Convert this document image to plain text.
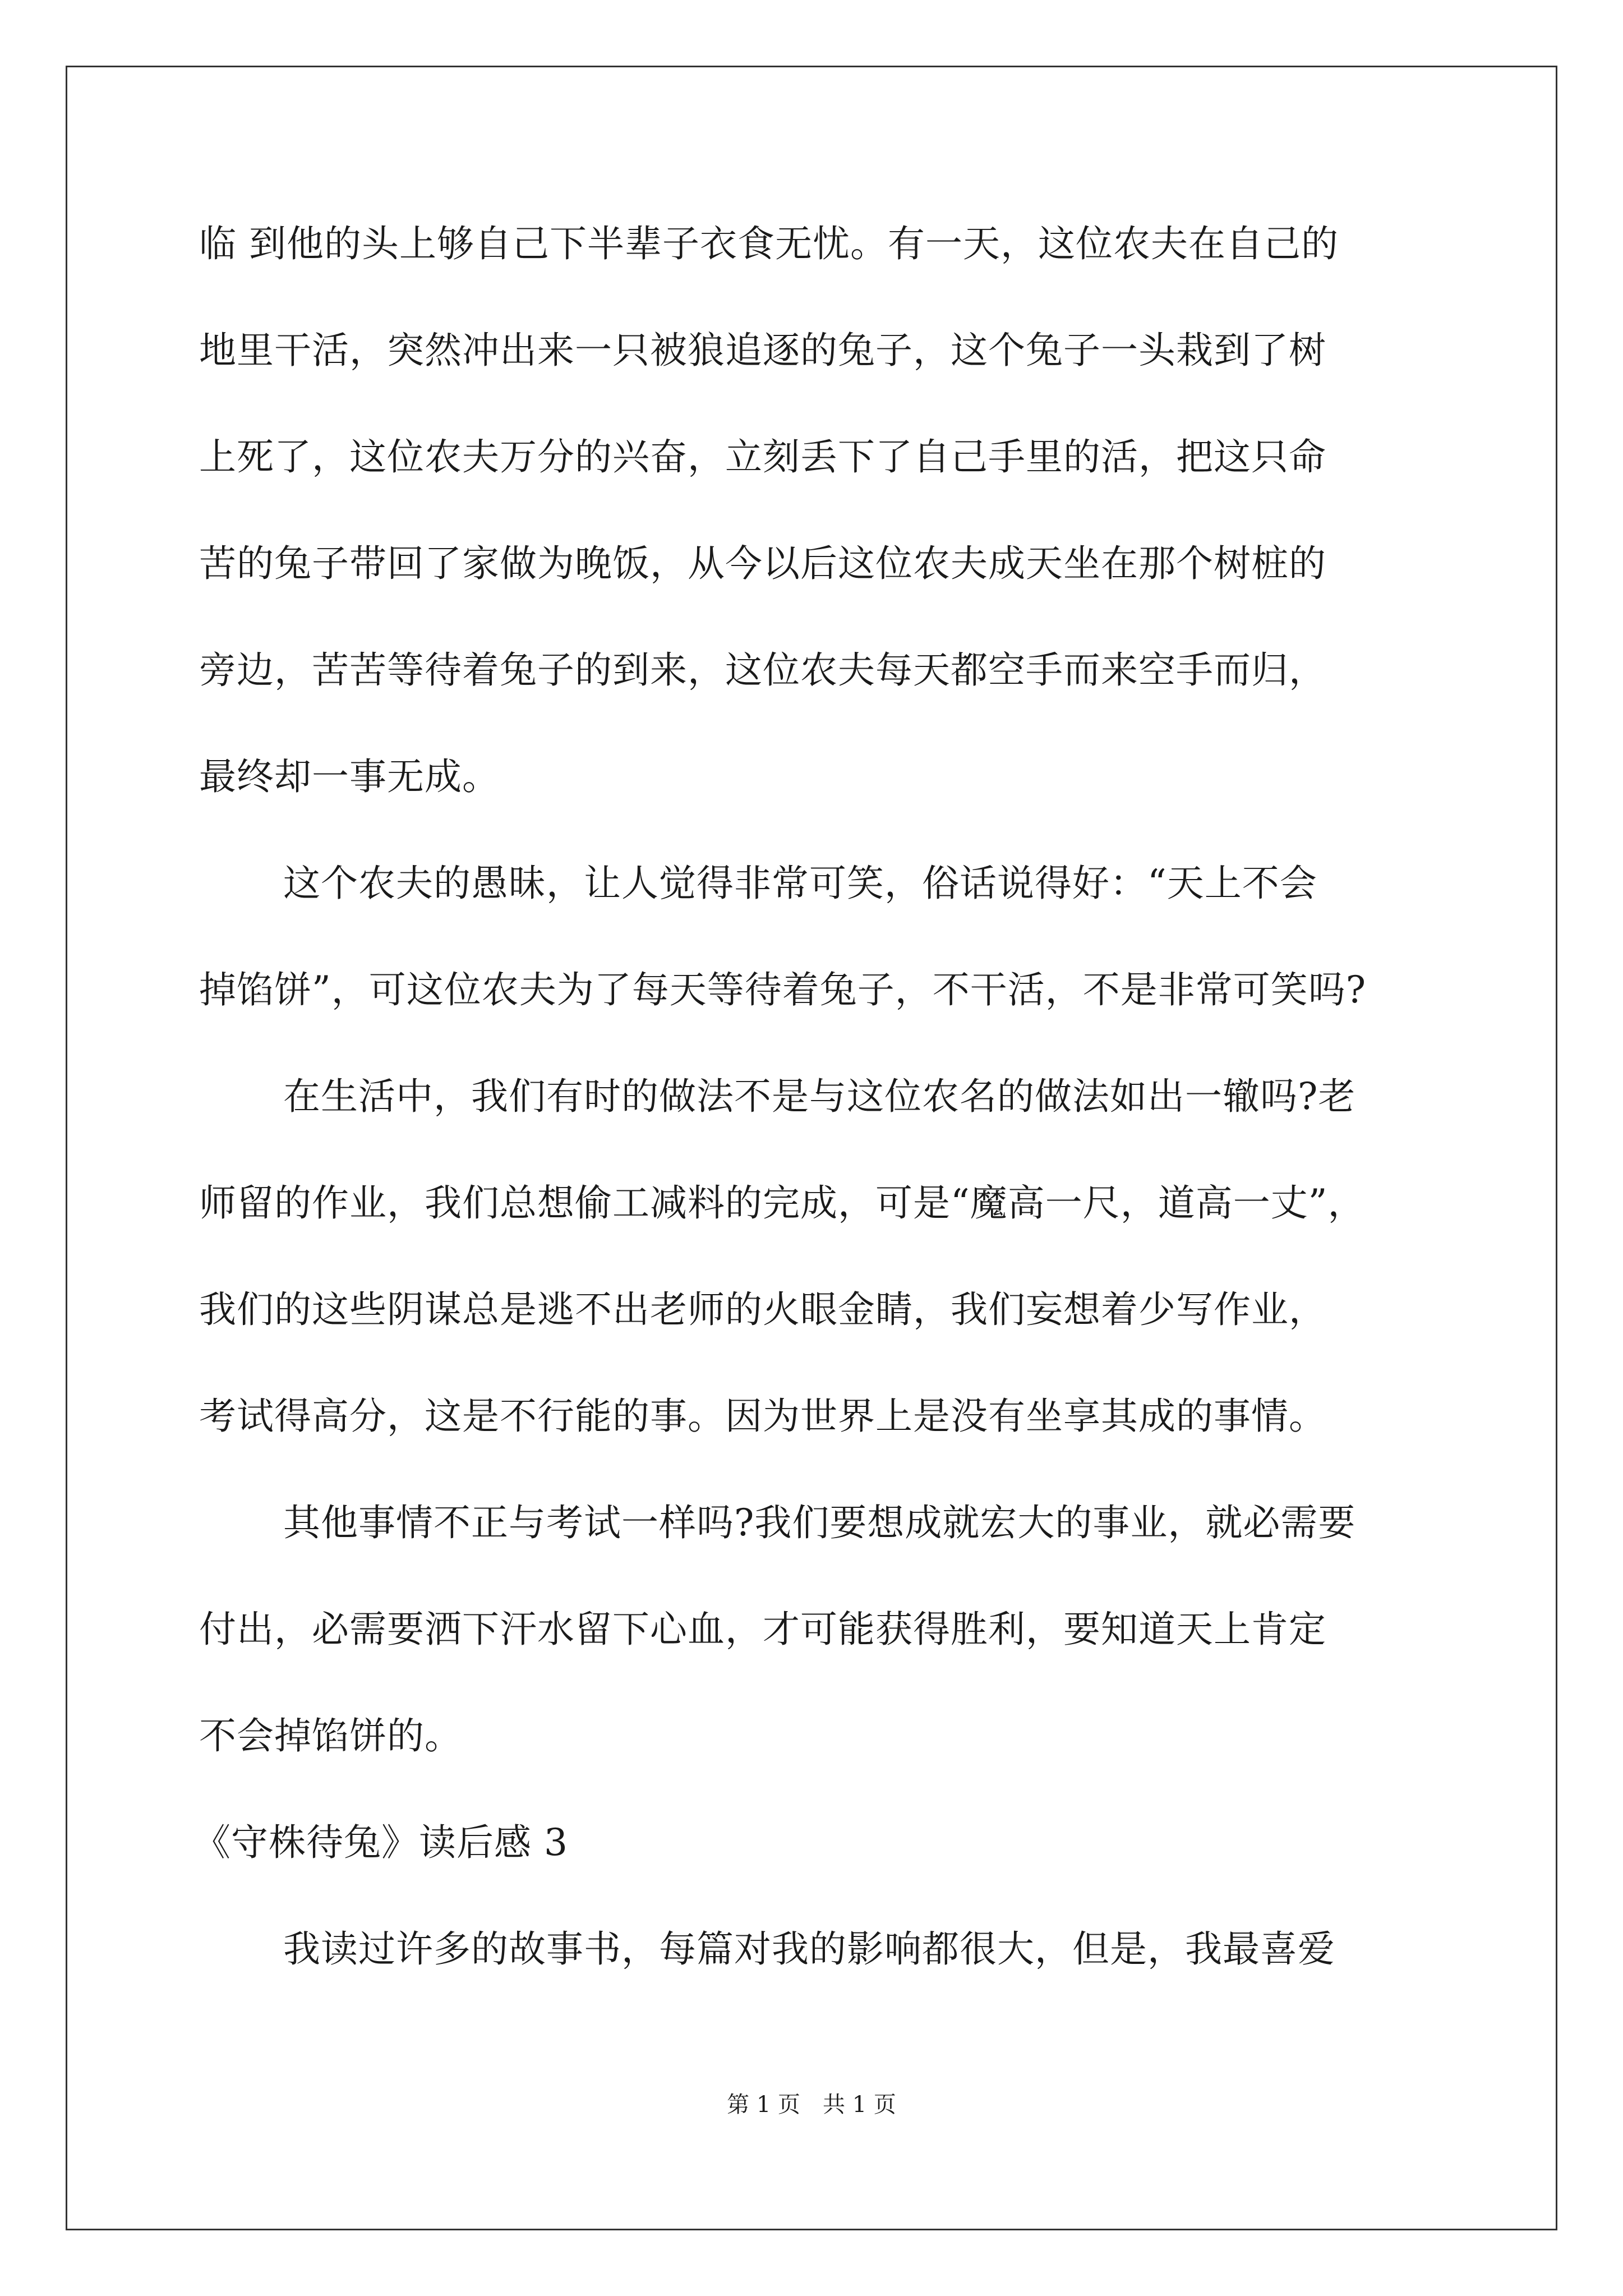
临 到他的头上够自己下半辈子衣食无忧。有一天，这位农夫在自己的
地里干活，突然冲出来一只被狼追逐的兔子，这个兔子一头栽到了树
上死了，这位农夫万分的兴奋，立刻丢下了自己手里的活，把这只命
苦的兔子带回了家做为晚饭，从今以后这位农夫成天坐在那个树桩的
旁边，苦苦等待着兔子的到来，这位农夫每天都空手而来空手而归，
最终却一事无成。
这个农夫的愚昧，让人觉得非常可笑，俗话说得好：“天上不会
掉馅饼”，可这位农夫为了每天等待着兔子，不干活，不是非常可笑吗?
在生活中，我们有时的做法不是与这位农名的做法如出一辙吗?老
师留的作业，我们总想偷工减料的完成，可是“魔高一尺，道高一丈”，
我们的这些阴谋总是逃不出老师的火眼金睛，我们妄想着少写作业，
考试得高分，这是不行能的事。因为世界上是没有坐享其成的事情。
其他事情不正与考试一样吗?我们要想成就宏大的事业，就必需要
付出，必需要洒下汗水留下心血，才可能获得胜利，要知道天上肯定
不会掉馅饼的。
《守株待兔》读后感 3
我读过许多的故事书，每篇对我的影响都很大，但是，我最喜爱
第 1 页　共 1 页
